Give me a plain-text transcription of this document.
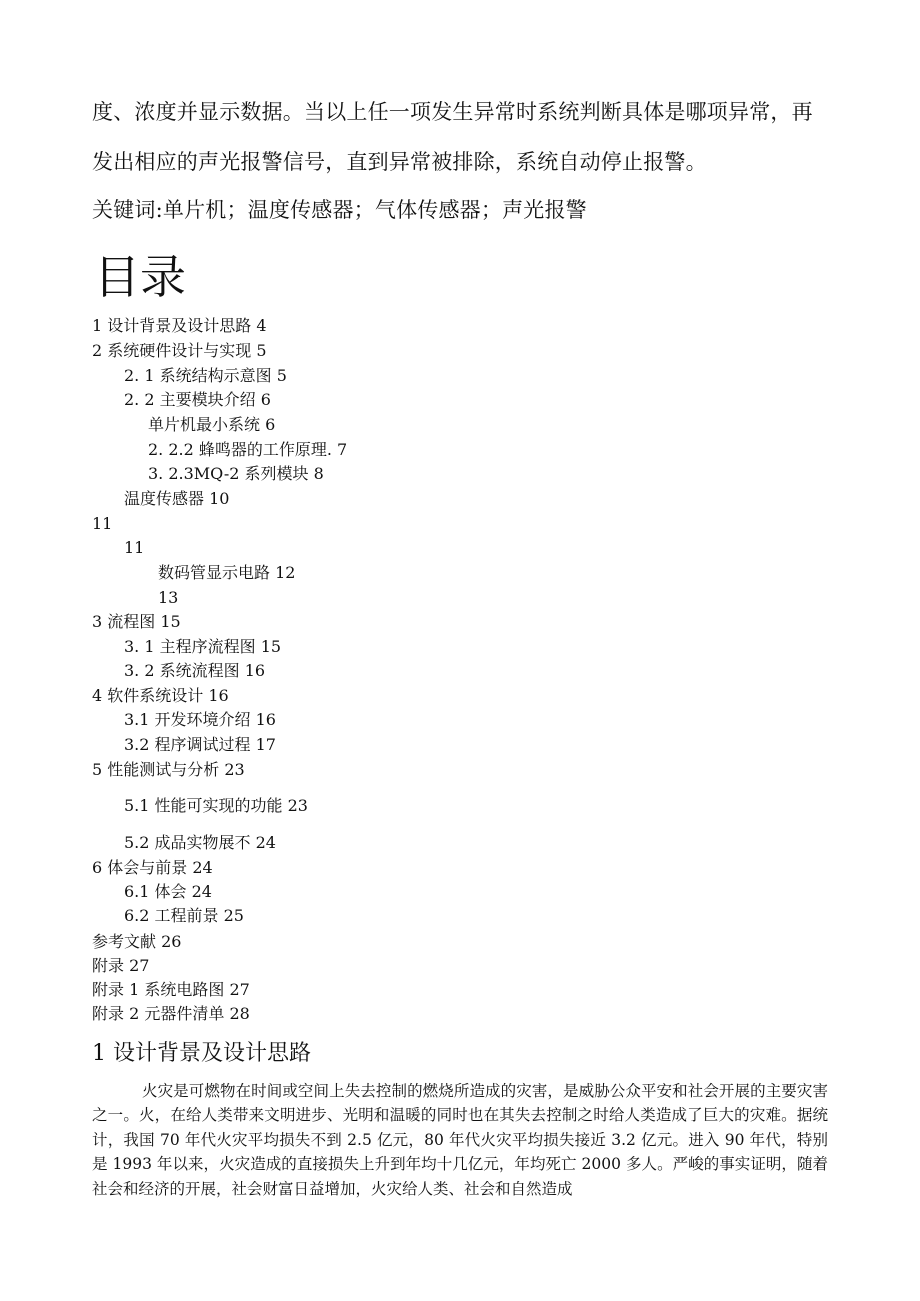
度、浓度并显示数据。当以上任一项发生异常时系统判断具体是哪项异常，再
发出相应的声光报警信号，直到异常被排除，系统自动停止报警。
关键词:单片机；温度传感器；气体传感器；声光报警
目录
1 设计背景及设计思路 4
2 系统硬件设计与实现 5
2. 1 系统结构示意图 5
2. 2 主要模块介绍 6
单片机最小系统 6
2. 2.2 蜂鸣器的工作原理. 7
3. 2.3MQ-2 系列模块 8
温度传感器 10
11
11
数码管显示电路 12
13
3 流程图 15
3. 1 主程序流程图 15
3. 2 系统流程图 16
4 软件系统设计 16
3.1 开发环境介绍 16
3.2 程序调试过程 17
5 性能测试与分析 23
5.1 性能可实现的功能 23
5.2 成品实物展不 24
6 体会与前景 24
6.1 体会 24
6.2 工程前景 25
参考文献 26
附录 27
附录 1 系统电路图 27
附录 2 元器件清单 28
1 设计背景及设计思路
火灾是可燃物在时间或空间上失去控制的燃烧所造成的灾害，是威胁公众平安和社会开展的主要灾害之一。火，在给人类带来文明进步、光明和温暖的同时也在其失去控制之时给人类造成了巨大的灾难。据统计，我国 70 年代火灾平均损失不到 2.5 亿元，80 年代火灾平均损失接近 3.2 亿元。进入 90 年代，特别是 1993 年以来，火灾造成的直接损失上升到年均十几亿元，年均死亡 2000 多人。严峻的事实证明，随着社会和经济的开展，社会财富日益增加，火灾给人类、社会和自然造成
